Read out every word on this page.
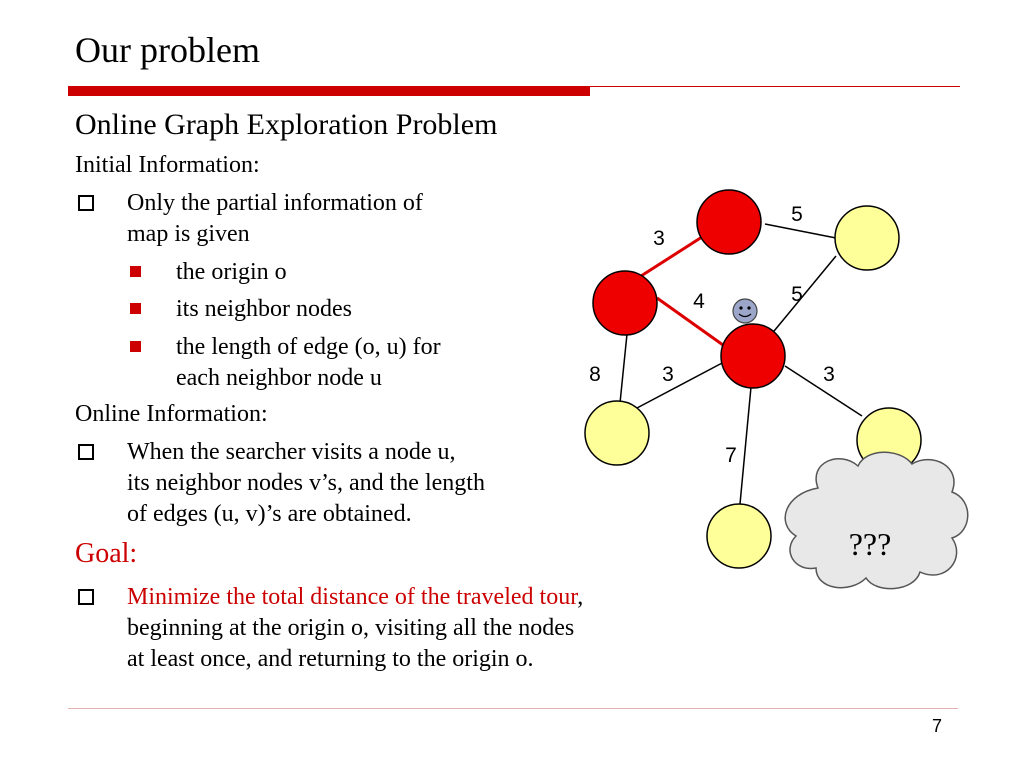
Our problem
Online Graph Exploration Problem
Initial Information:
Only the partial information of
map is given
the origin o
its neighbor nodes
the length of edge (o, u) for
each neighbor node u
Online Information:
When the searcher visits a node u,
its neighbor nodes v’s, and the length
of edges (u, v)’s are obtained.
Goal:
Minimize the total distance of the traveled tour,
beginning at the origin o, visiting all the nodes
at least once, and returning to the origin o.
???
5
3
5
4
8	3	3
7
7
